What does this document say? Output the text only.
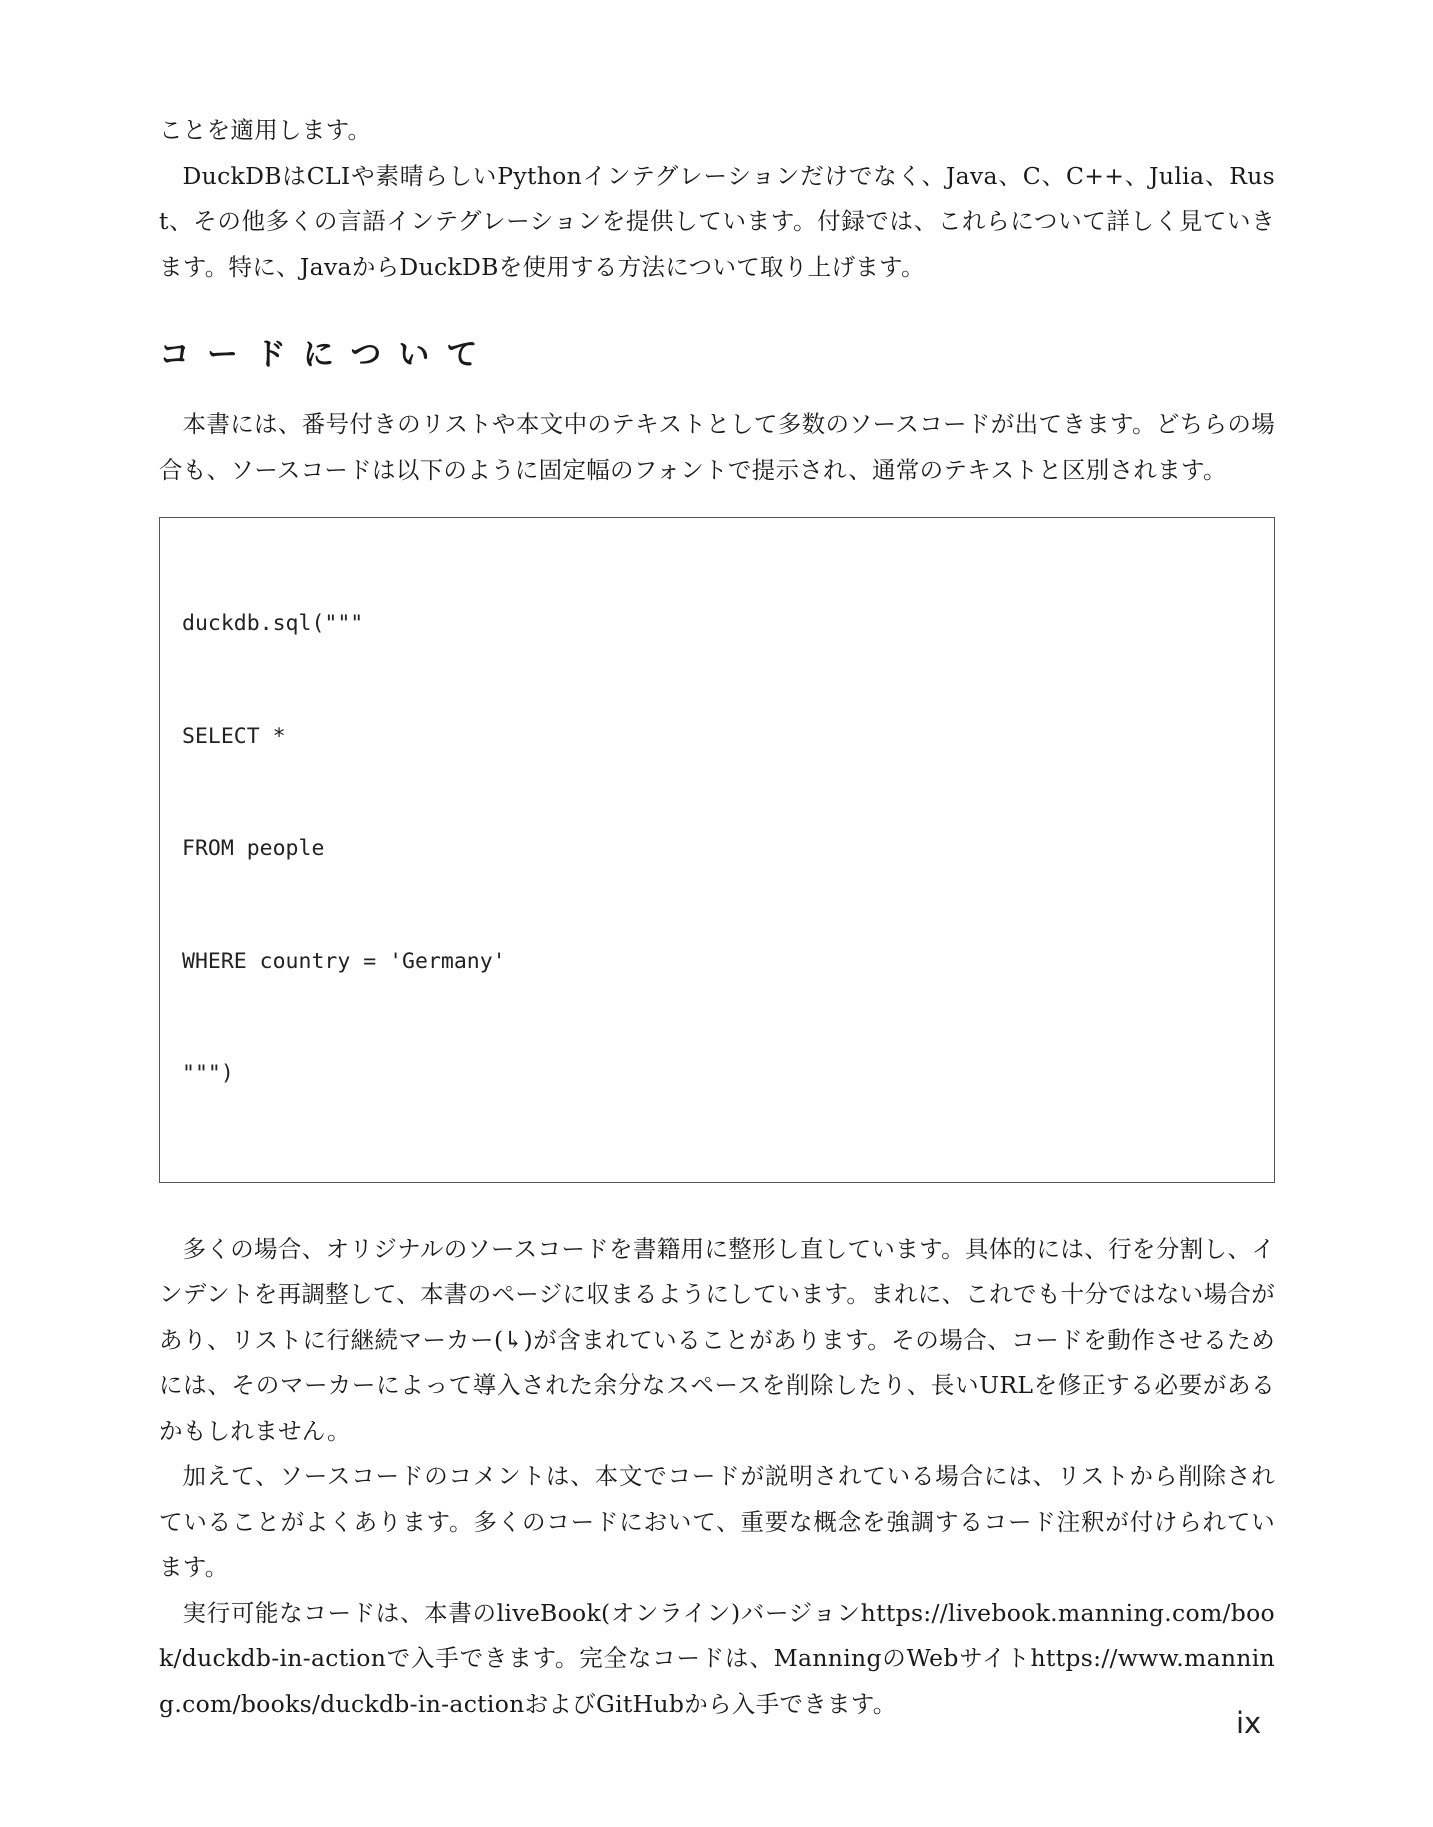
ことを適用します。

DuckDBはCLIや素晴らしいPythonインテグレーションだけでなく、Java、C、C++、Julia、Rust、その他多くの言語インテグレーションを提供しています。付録では、これらについて詳しく見ていきます。特に、JavaからDuckDBを使用する方法について取り上げます。

コードについて

本書には、番号付きのリストや本文中のテキストとして多数のソースコードが出てきます。どちらの場合も、ソースコードは以下のように固定幅のフォントで提示され、通常のテキストと区別されます。

duckdb.sql("""

SELECT *

FROM people

WHERE country = 'Germany'

""")

多くの場合、オリジナルのソースコードを書籍用に整形し直しています。具体的には、行を分割し、インデントを再調整して、本書のページに収まるようにしています。まれに、これでも十分ではない場合があり、リストに行継続マーカー(↳)が含まれていることがあります。その場合、コードを動作させるためには、そのマーカーによって導入された余分なスペースを削除したり、長いURLを修正する必要があるかもしれません。

加えて、ソースコードのコメントは、本文でコードが説明されている場合には、リストから削除されていることがよくあります。多くのコードにおいて、重要な概念を強調するコード注釈が付けられています。

実行可能なコードは、本書のliveBook(オンライン)バージョンhttps://livebook.manning.com/book/duckdb-in-actionで入手できます。完全なコードは、ManningのWebサイトhttps://www.manning.com/books/duckdb-in-actionおよびGitHubから入手できます。

ix
